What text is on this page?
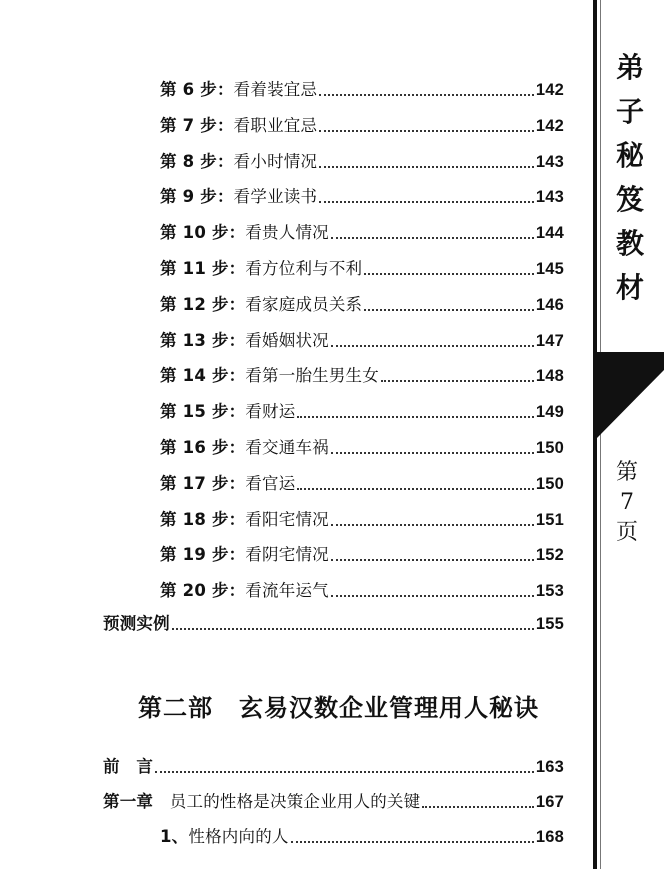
第 6 步： 看着装宜忌	142
第 7 步： 看职业宜忌	142
第 8 步： 看小时情况	143
第 9 步： 看学业读书	143
第 10 步： 看贵人情况	144
第 11 步： 看方位利与不利	145
第 12 步： 看家庭成员关系	146
第 13 步： 看婚姻状况	147
第 14 步： 看第一胎生男生女	148
第 15 步： 看财运	149
第 16 步： 看交通车祸	150
第 17 步： 看官运	150
第 18 步： 看阳宅情况	151
第 19 步： 看阴宅情况	152
第 20 步： 看流年运气	153
预测实例	155
第二部 玄易汉数企业管理用人秘诀
前　言	163
第一章 　员工的性格是决策企业用人的关键	167
1、 性格内向的人	168
弟
子
秘
笈
教
材
第
7
页
